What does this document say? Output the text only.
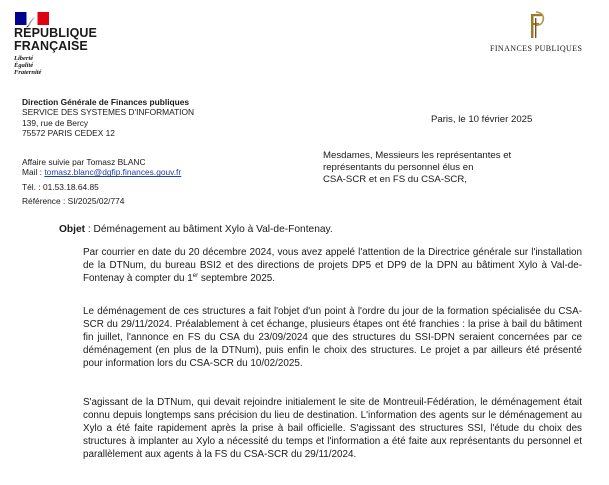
RÉPUBLIQUE
FRANÇAISE
Liberté
Égalité
Fraternité
FINANCES PUBLIQUES
Direction Générale de Finances publiques
SERVICE DES SYSTEMES D'INFORMATION
139, rue de Bercy
75572 PARIS CEDEX 12
Affaire suivie par Tomasz BLANC
Mail : tomasz.blanc@dgfip.finances.gouv.fr
Tél. : 01.53.18.64.85
Référence : SI/2025/02/774
Paris, le 10 février 2025
Mesdames, Messieurs les représentantes et
représentants du personnel élus en
CSA-SCR et en FS du CSA-SCR,
Objet : Déménagement au bâtiment Xylo à Val-de-Fontenay.
Par courrier en date du 20 décembre 2024, vous avez appelé l'attention de la Directrice générale sur l'installation de la DTNum, du bureau BSI2 et des directions de projets DP5 et DP9 de la DPN au bâtiment Xylo à Val-de-Fontenay à compter du 1er septembre 2025.
Le déménagement de ces structures a fait l'objet d'un point à l'ordre du jour de la formation spécialisée du CSA-SCR du 29/11/2024. Préalablement à cet échange, plusieurs étapes ont été franchies : la prise à bail du bâtiment fin juillet, l'annonce en FS du CSA du 23/09/2024 que des structures du SSI-DPN seraient concernées par ce déménagement (en plus de la DTNum), puis enfin le choix des structures. Le projet a par ailleurs été présenté pour information lors du CSA-SCR du 10/02/2025.
S'agissant de la DTNum, qui devait rejoindre initialement le site de Montreuil-Fédération, le déménagement était connu depuis longtemps sans précision du lieu de destination. L'information des agents sur le déménagement au Xylo a été faite rapidement après la prise à bail officielle. S'agissant des structures SSI, l'étude du choix des structures à implanter au Xylo a nécessité du temps et l'information a été faite aux représentants du personnel et parallèlement aux agents à la FS du CSA-SCR du 29/11/2024.
